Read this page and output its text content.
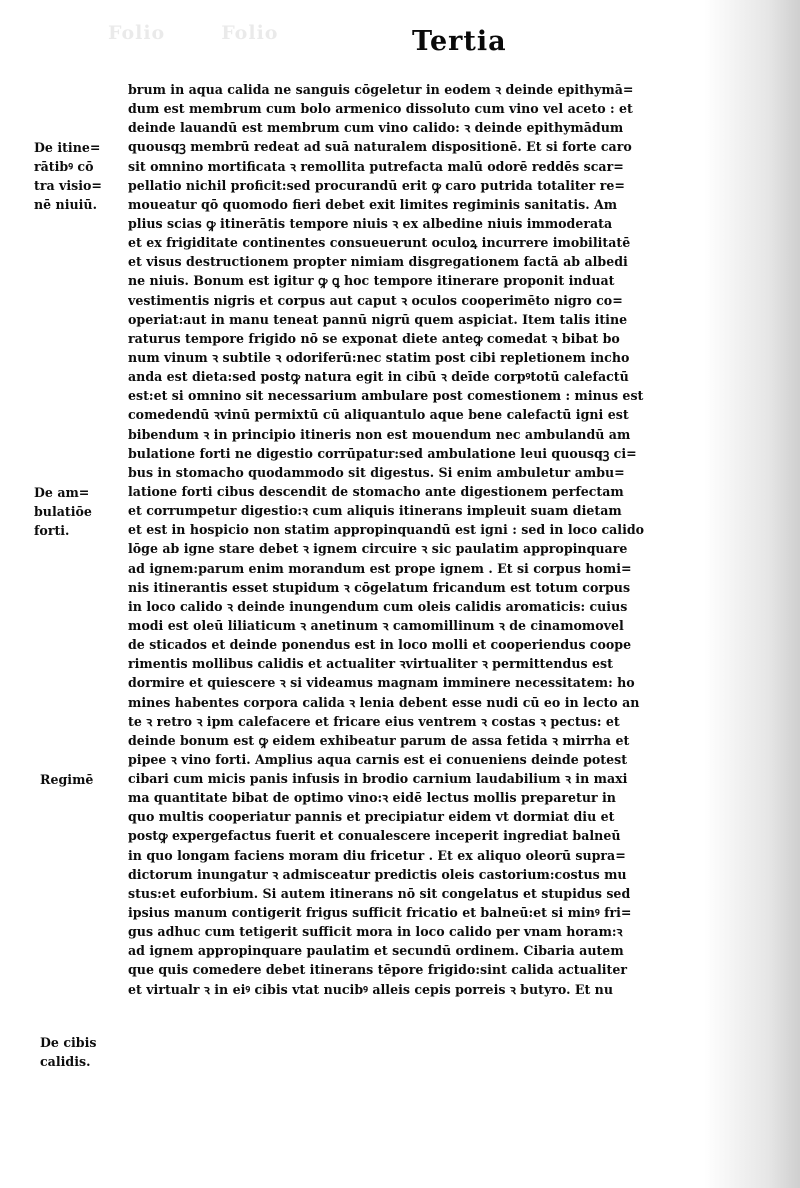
Folio	Folio	Tertia
De itine=
rātibꝰ cō
tra visio=
nē niuiū.
De am=
bulatiōe
forti.
Regimē
De cibis
calidis.
brum in aqua calida ne sanguis cōgeletur in eodem ꝛ deinde epithymā=
dum est membrum cum bolo armenico dissoluto cum vino vel aceto : et
deinde lauandū est membrum cum vino calido: ꝛ deinde epithymādum
quousqꝫ membrū redeat ad suā naturalem dispositionē. Et si forte caro
sit omnino mortificata ꝛ remollita putrefacta malū odorē reddēs scar=
pellatio nichil proficit:sed procurandū erit ꝙ caro putrida totaliter re=
moueatur qō quomodo fieri debet exit limites regiminis sanitatis. Am
plius scias ꝙ itinerātis tempore niuis ꝛ ex albedine niuis immoderata
et ex frigiditate continentes consueuerunt oculoꝝ incurrere imobilitatē
et visus destructionem propter nimiam disgregationem factā ab albedi
ne niuis. Bonum est igitur ꝙ ꝗ hoc tempore itinerare proponit induat
vestimentis nigris et corpus aut caput ꝛ oculos cooperimēto nigro co=
operiat:aut in manu teneat pannū nigrū quem aspiciat. Item talis itine
raturus tempore frigido nō se exponat diete anteꝙ comedat ꝛ bibat bo
num vinum ꝛ subtile ꝛ odoriferū:nec statim post cibi repletionem incho
anda est dieta:sed postꝙ natura egit in cibū ꝛ deīde corpꝰtotū calefactū
est:et si omnino sit necessarium ambulare post comestionem : minus est
comedendū ꝛvinū permixtū cū aliquantulo aque bene calefactū igni est
bibendum ꝛ in principio itineris non est mouendum nec ambulandū am
bulatione forti ne digestio corrūpatur:sed ambulatione leui quousqꝫ ci=
bus in stomacho quodammodo sit digestus. Si enim ambuletur ambu=
latione forti cibus descendit de stomacho ante digestionem perfectam
et corrumpetur digestio:ꝛ cum aliquis itinerans impleuit suam dietam
et est in hospicio non statim appropinquandū est igni : sed in loco calido
lōge ab igne stare debet ꝛ ignem circuire ꝛ sic paulatim appropinquare
ad ignem:parum enim morandum est prope ignem . Et si corpus homi=
nis itinerantis esset stupidum ꝛ cōgelatum fricandum est totum corpus
in loco calido ꝛ deinde inungendum cum oleis calidis aromaticis: cuius
modi est oleū liliaticum ꝛ anetinum ꝛ camomillinum ꝛ de cinamomovel
de sticados et deinde ponendus est in loco molli et cooperiendus coope
rimentis mollibus calidis et actualiter ꝛvirtualiter ꝛ permittendus est
dormire et quiescere ꝛ si videamus magnam imminere necessitatem: ho
mines habentes corpora calida ꝛ lenia debent esse nudi cū eo in lecto an
te ꝛ retro ꝛ ipm calefacere et fricare eius ventrem ꝛ costas ꝛ pectus: et
deinde bonum est ꝙ eidem exhibeatur parum de assa fetida ꝛ mirrha et
pipee ꝛ vino forti. Amplius aqua carnis est ei conueniens deinde potest
cibari cum micis panis infusis in brodio carnium laudabilium ꝛ in maxi
ma quantitate bibat de optimo vino:ꝛ eidē lectus mollis preparetur in
quo multis cooperiatur pannis et precipiatur eidem vt dormiat diu et
postꝙ expergefactus fuerit et conualescere inceperit ingrediat balneū
in quo longam faciens moram diu fricetur . Et ex aliquo oleorū supra=
dictorum inungatur ꝛ admisceatur predictis oleis castorium:costus mu
stus:et euforbium. Si autem itinerans nō sit congelatus et stupidus sed
ipsius manum contigerit frigus sufficit fricatio et balneū:et si minꝰ fri=
gus adhuc cum tetigerit sufficit mora in loco calido per vnam horam:ꝛ
ad ignem appropinquare paulatim et secundū ordinem. Cibaria autem
que quis comedere debet itinerans tēpore frigido:sint calida actualiter
et virtualr ꝛ in eiꝰ cibis vtat nucibꝰ alleis cepis porreis ꝛ butyro. Et nu
